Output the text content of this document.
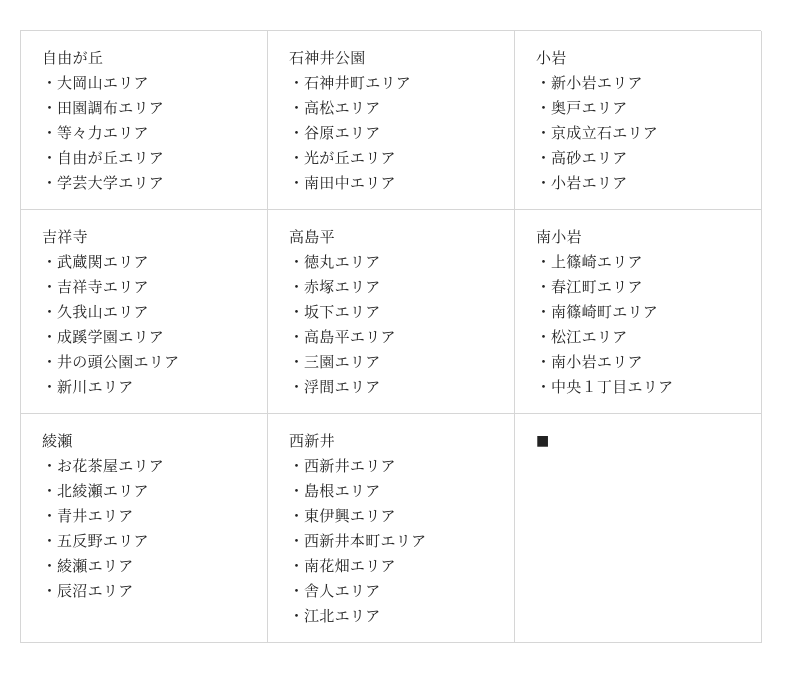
自由が丘
・大岡山エリア
・田園調布エリア
・等々力エリア
・自由が丘エリア
・学芸大学エリア
石神井公園
・石神井町エリア
・高松エリア
・谷原エリア
・光が丘エリア
・南田中エリア
小岩
・新小岩エリア
・奥戸エリア
・京成立石エリア
・高砂エリア
・小岩エリア
吉祥寺
・武蔵関エリア
・吉祥寺エリア
・久我山エリア
・成蹊学園エリア
・井の頭公園エリア
・新川エリア
高島平
・徳丸エリア
・赤塚エリア
・坂下エリア
・高島平エリア
・三園エリア
・浮間エリア
南小岩
・上篠崎エリア
・春江町エリア
・南篠崎町エリア
・松江エリア
・南小岩エリア
・中央１丁目エリア
綾瀬
・お花茶屋エリア
・北綾瀬エリア
・青井エリア
・五反野エリア
・綾瀬エリア
・辰沼エリア
西新井
・西新井エリア
・島根エリア
・東伊興エリア
・西新井本町エリア
・南花畑エリア
・舎人エリア
・江北エリア
■
